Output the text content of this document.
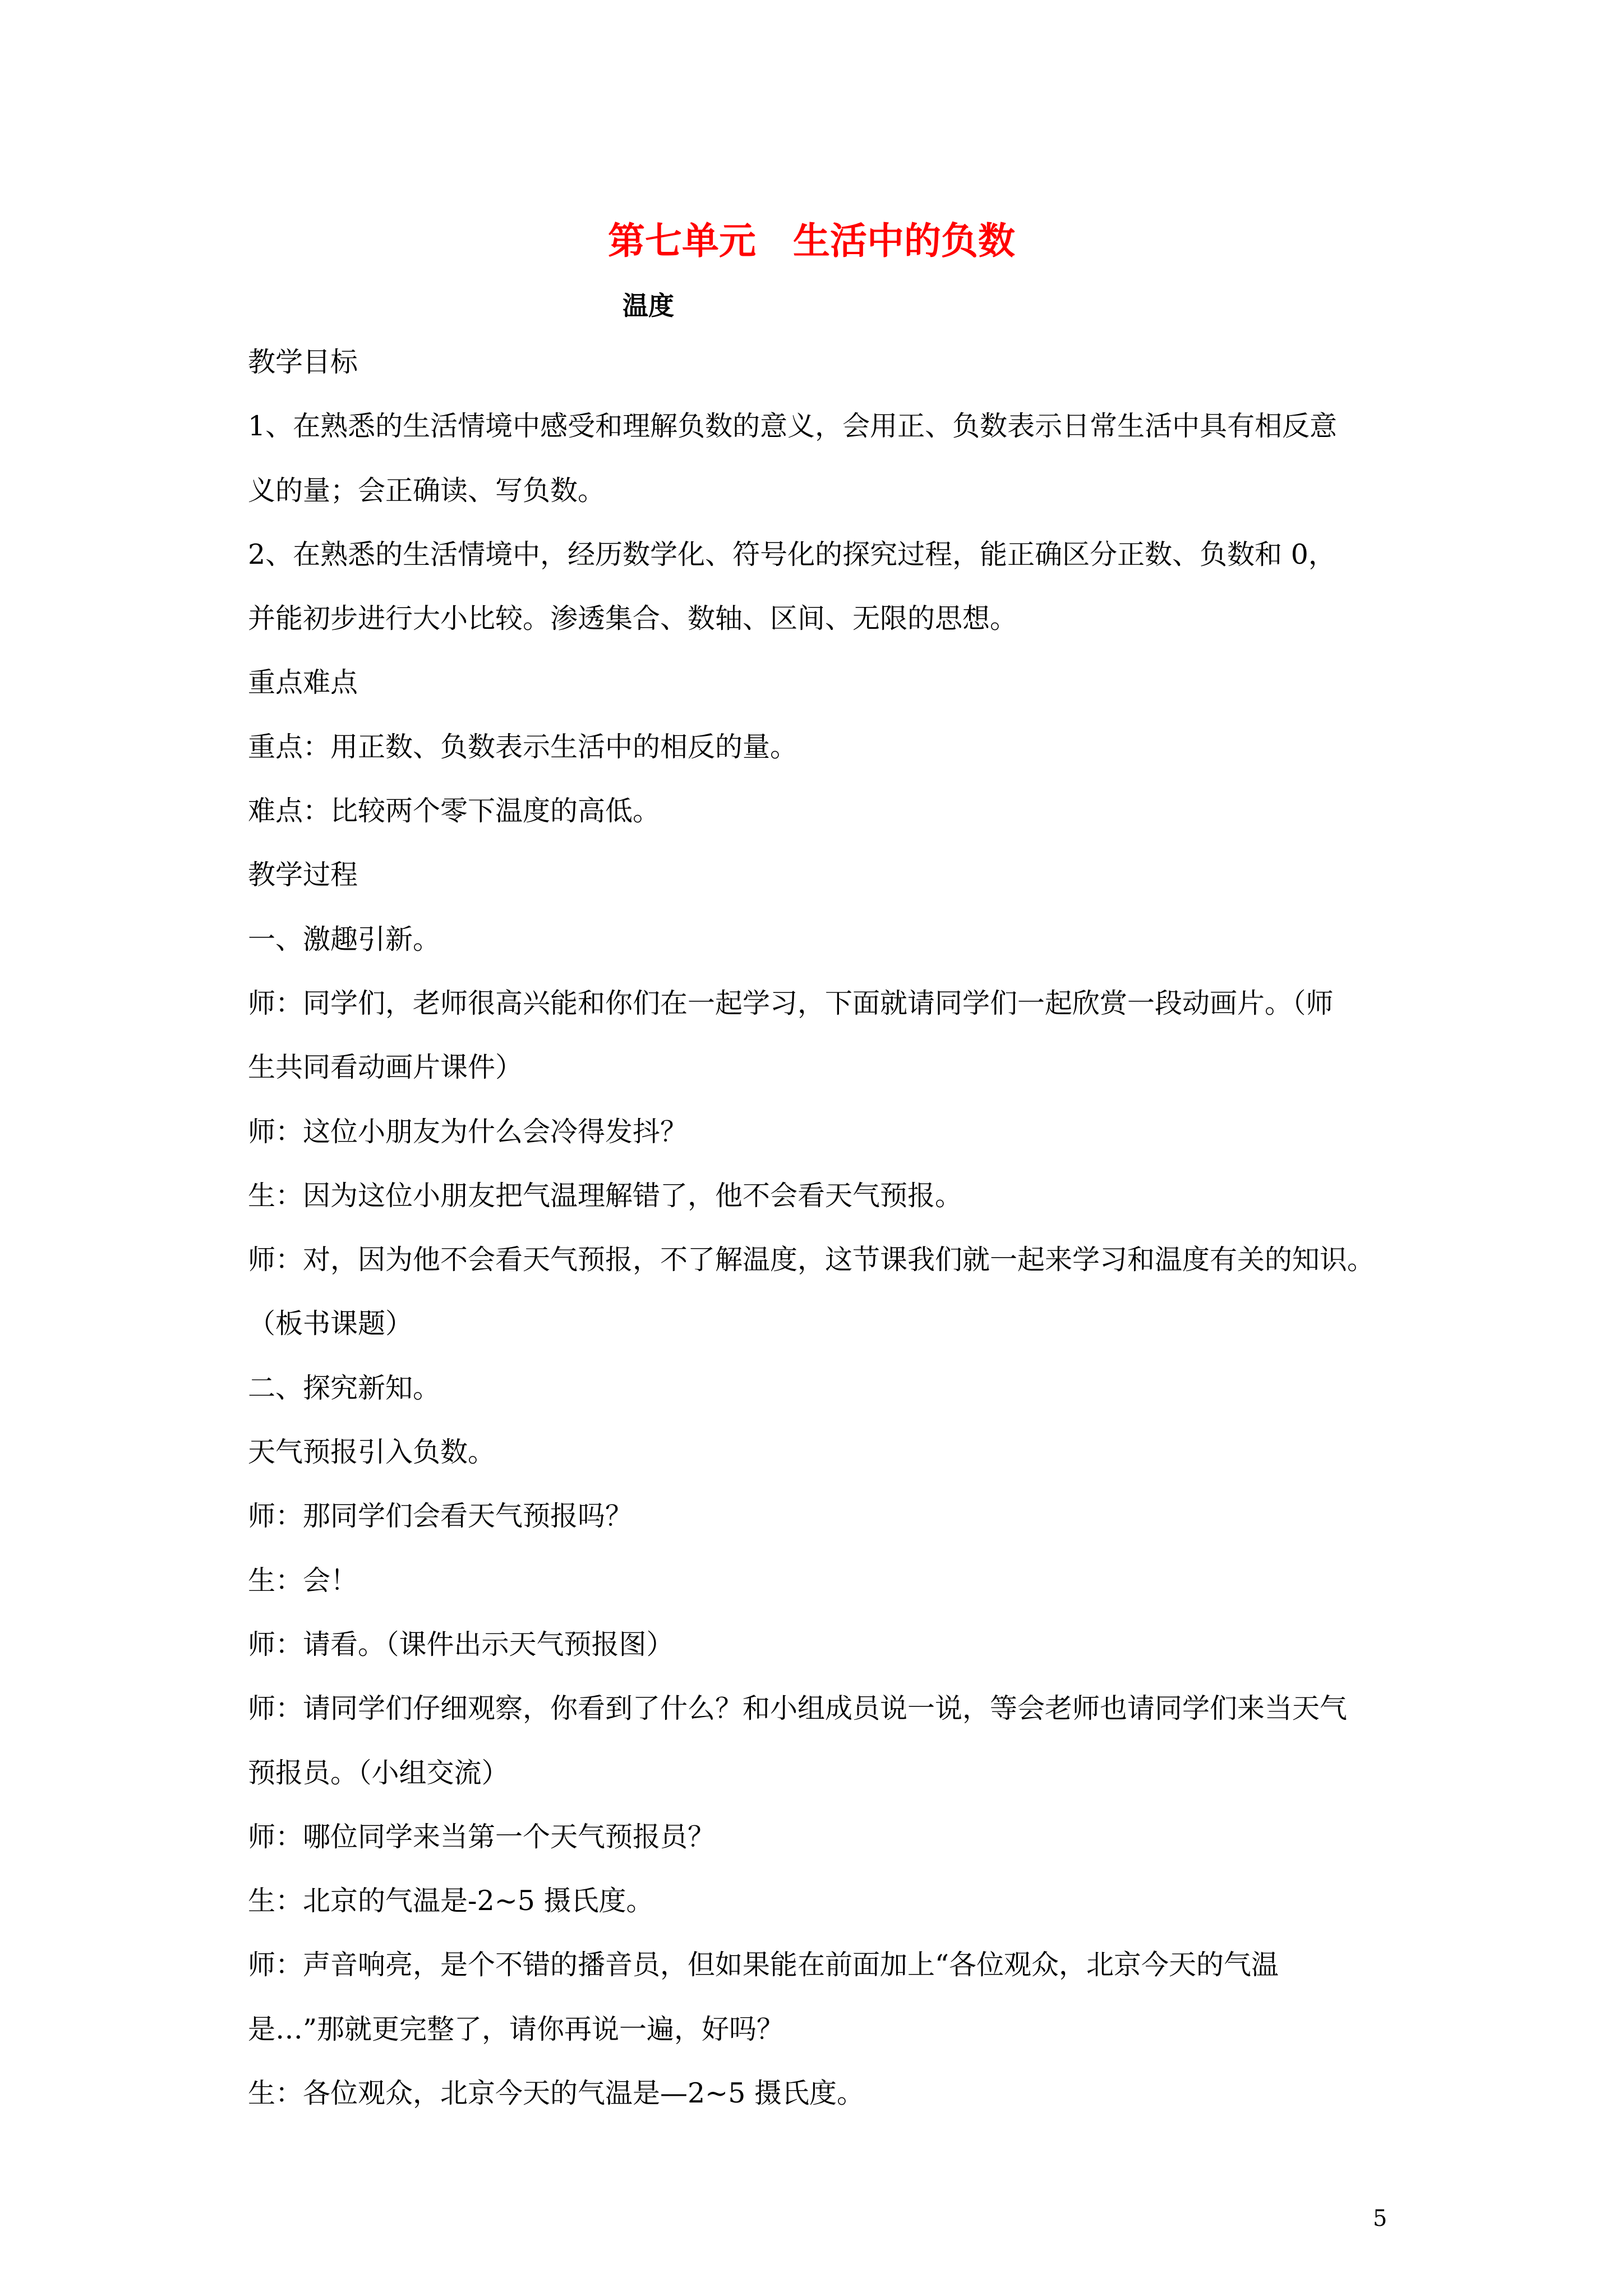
第七单元　生活中的负数
温度
教学目标
1、在熟悉的生活情境中感受和理解负数的意义，会用正、负数表示日常生活中具有相反意
义的量；会正确读、写负数。
2、在熟悉的生活情境中，经历数学化、符号化的探究过程，能正确区分正数、负数和 0，
并能初步进行大小比较。渗透集合、数轴、区间、无限的思想。
重点难点
重点：用正数、负数表示生活中的相反的量。
难点：比较两个零下温度的高低。
教学过程
一、激趣引新。
师：同学们，老师很高兴能和你们在一起学习，下面就请同学们一起欣赏一段动画片。（师
生共同看动画片课件）
师：这位小朋友为什么会冷得发抖？
生：因为这位小朋友把气温理解错了，他不会看天气预报。
师：对，因为他不会看天气预报，不了解温度，这节课我们就一起来学习和温度有关的知识。
（板书课题）
二、探究新知。
天气预报引入负数。
师：那同学们会看天气预报吗？
生：会！
师：请看。（课件出示天气预报图）
师：请同学们仔细观察，你看到了什么？和小组成员说一说，等会老师也请同学们来当天气
预报员。（小组交流）
师：哪位同学来当第一个天气预报员？
生：北京的气温是-2~5 摄氏度。
师：声音响亮，是个不错的播音员，但如果能在前面加上“各位观众，北京今天的气温
是…”那就更完整了，请你再说一遍，好吗？
生：各位观众，北京今天的气温是—2~5 摄氏度。
5
